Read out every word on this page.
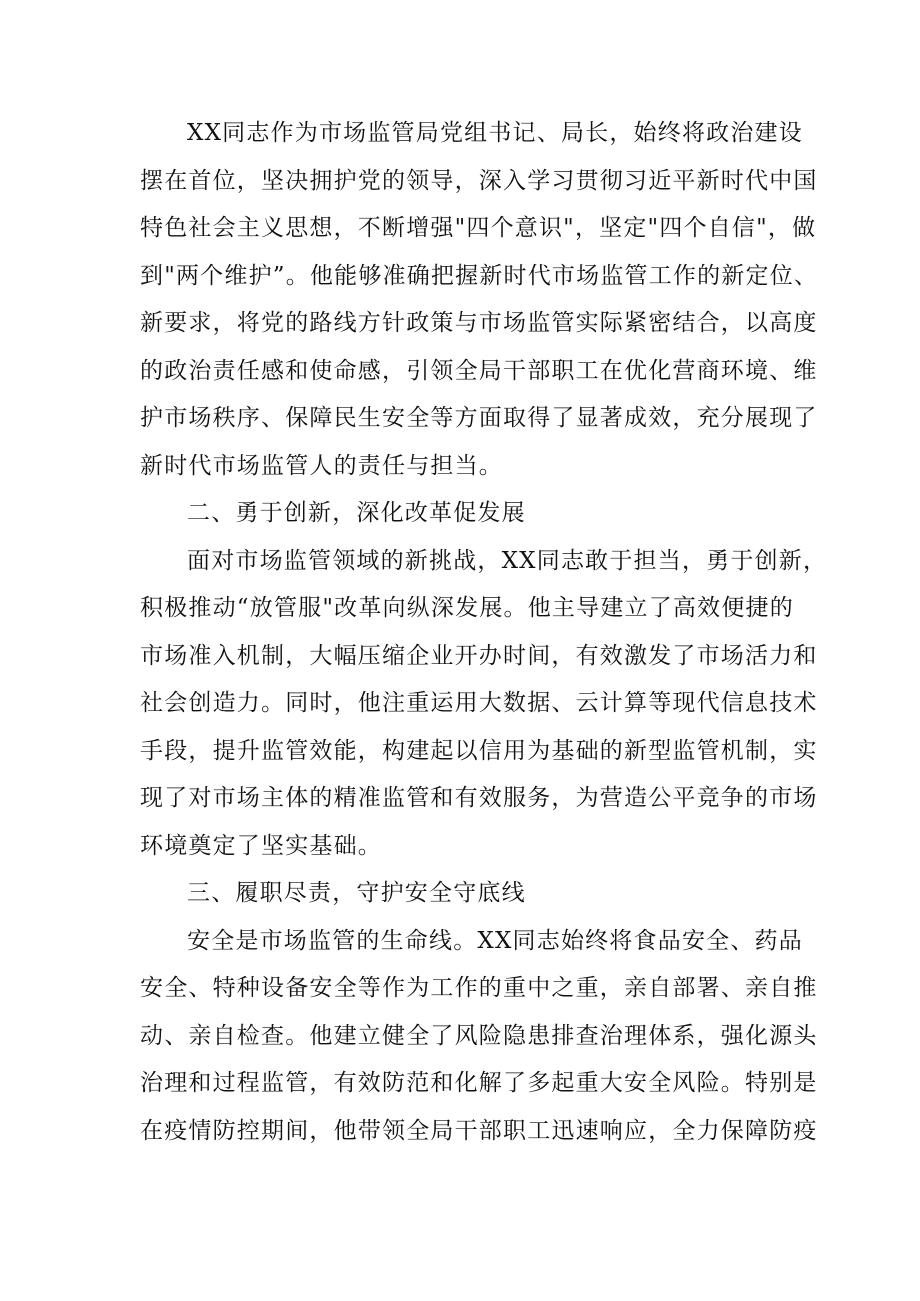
XX同志作为市场监管局党组书记、局长，始终将政治建设
摆在首位，坚决拥护党的领导，深入学习贯彻习近平新时代中国
特色社会主义思想，不断增强"四个意识"，坚定"四个自信"，做
到"两个维护”。他能够准确把握新时代市场监管工作的新定位、
新要求，将党的路线方针政策与市场监管实际紧密结合，以高度
的政治责任感和使命感，引领全局干部职工在优化营商环境、维
护市场秩序、保障民生安全等方面取得了显著成效，充分展现了
新时代市场监管人的责任与担当。
二、勇于创新，深化改革促发展
面对市场监管领域的新挑战，XX同志敢于担当，勇于创新，
积极推动“放管服"改革向纵深发展。他主导建立了高效便捷的
市场准入机制，大幅压缩企业开办时间，有效激发了市场活力和
社会创造力。同时，他注重运用大数据、云计算等现代信息技术
手段，提升监管效能，构建起以信用为基础的新型监管机制，实
现了对市场主体的精准监管和有效服务，为营造公平竞争的市场
环境奠定了坚实基础。
三、履职尽责，守护安全守底线
安全是市场监管的生命线。XX同志始终将食品安全、药品
安全、特种设备安全等作为工作的重中之重，亲自部署、亲自推
动、亲自检查。他建立健全了风险隐患排查治理体系，强化源头
治理和过程监管，有效防范和化解了多起重大安全风险。特别是
在疫情防控期间，他带领全局干部职工迅速响应，全力保障防疫
